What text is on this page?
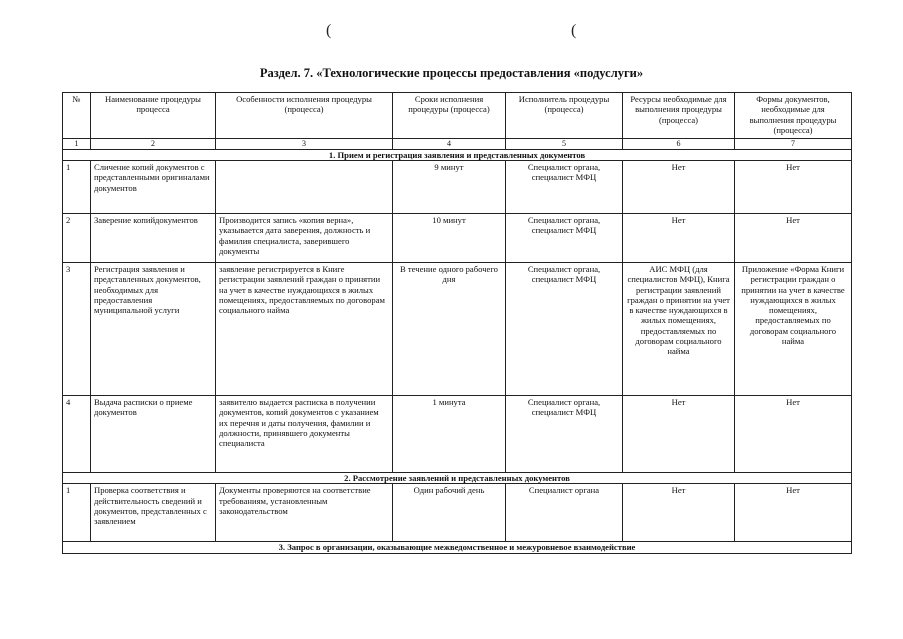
(	(
Раздел. 7. «Технологические процессы предоставления «подуслуги»
№	Наименование процедуры процесса	Особенности исполнения процедуры (процесса)	Сроки исполнения процедуры (процесса)	Исполнитель процедуры (процесса)	Ресурсы необходимые для выполнения процедуры (процесса)	Формы документов, необходимые для выполнения процедуры (процесса)
1	2	3	4	5	6	7
1. Прием и регистрация заявления и представленных документов						
1	Сличение копий документов с представленными оригиналами документов		9 минут	Специалист органа, специалист МФЦ	Нет	Нет
2	Заверение копийдокументов	Производится запись «копия верна», указывается дата заверения, должность и фамилия специалиста, заверившего документы	10 минут	Специалист органа, специалист МФЦ	Нет	Нет
3	Регистрация заявления и представленных документов, необходимых для предоставления муниципальной услуги	заявление регистрируется в Книге регистрации заявлений граждан о принятии на учет в качестве нуждающихся в жилых помещениях, предоставляемых по договорам социального найма	В течение одного рабочего дня	Специалист органа, специалист МФЦ	АИС МФЦ (для специалистов МФЦ), Книга регистрации заявлений граждан о принятии на учет в качестве нуждающихся в жилых помещениях, предоставляемых по договорам социального найма	Приложение «Форма Книги регистрации граждан о принятии на учет в качестве нуждающихся в жилых помещениях, предоставляемых по договорам социального найма
4	Выдача расписки о приеме документов	заявителю выдается расписка в получении документов, копий документов с указанием их перечня и даты получения, фамилии и должности, принявшего документы специалиста	1 минута	Специалист органа, специалист МФЦ	Нет	Нет
2. Рассмотрение заявлений и представленных документов						
1	Проверка соответствия и действительность сведений и документов, представленных с заявлением	Документы проверяются на соответствие требованиям, установленным законодательством	Один рабочий день	Специалист органа	Нет	Нет
3. Запрос в организации, оказывающие межведомственное и межуровневое взаимодействие						
